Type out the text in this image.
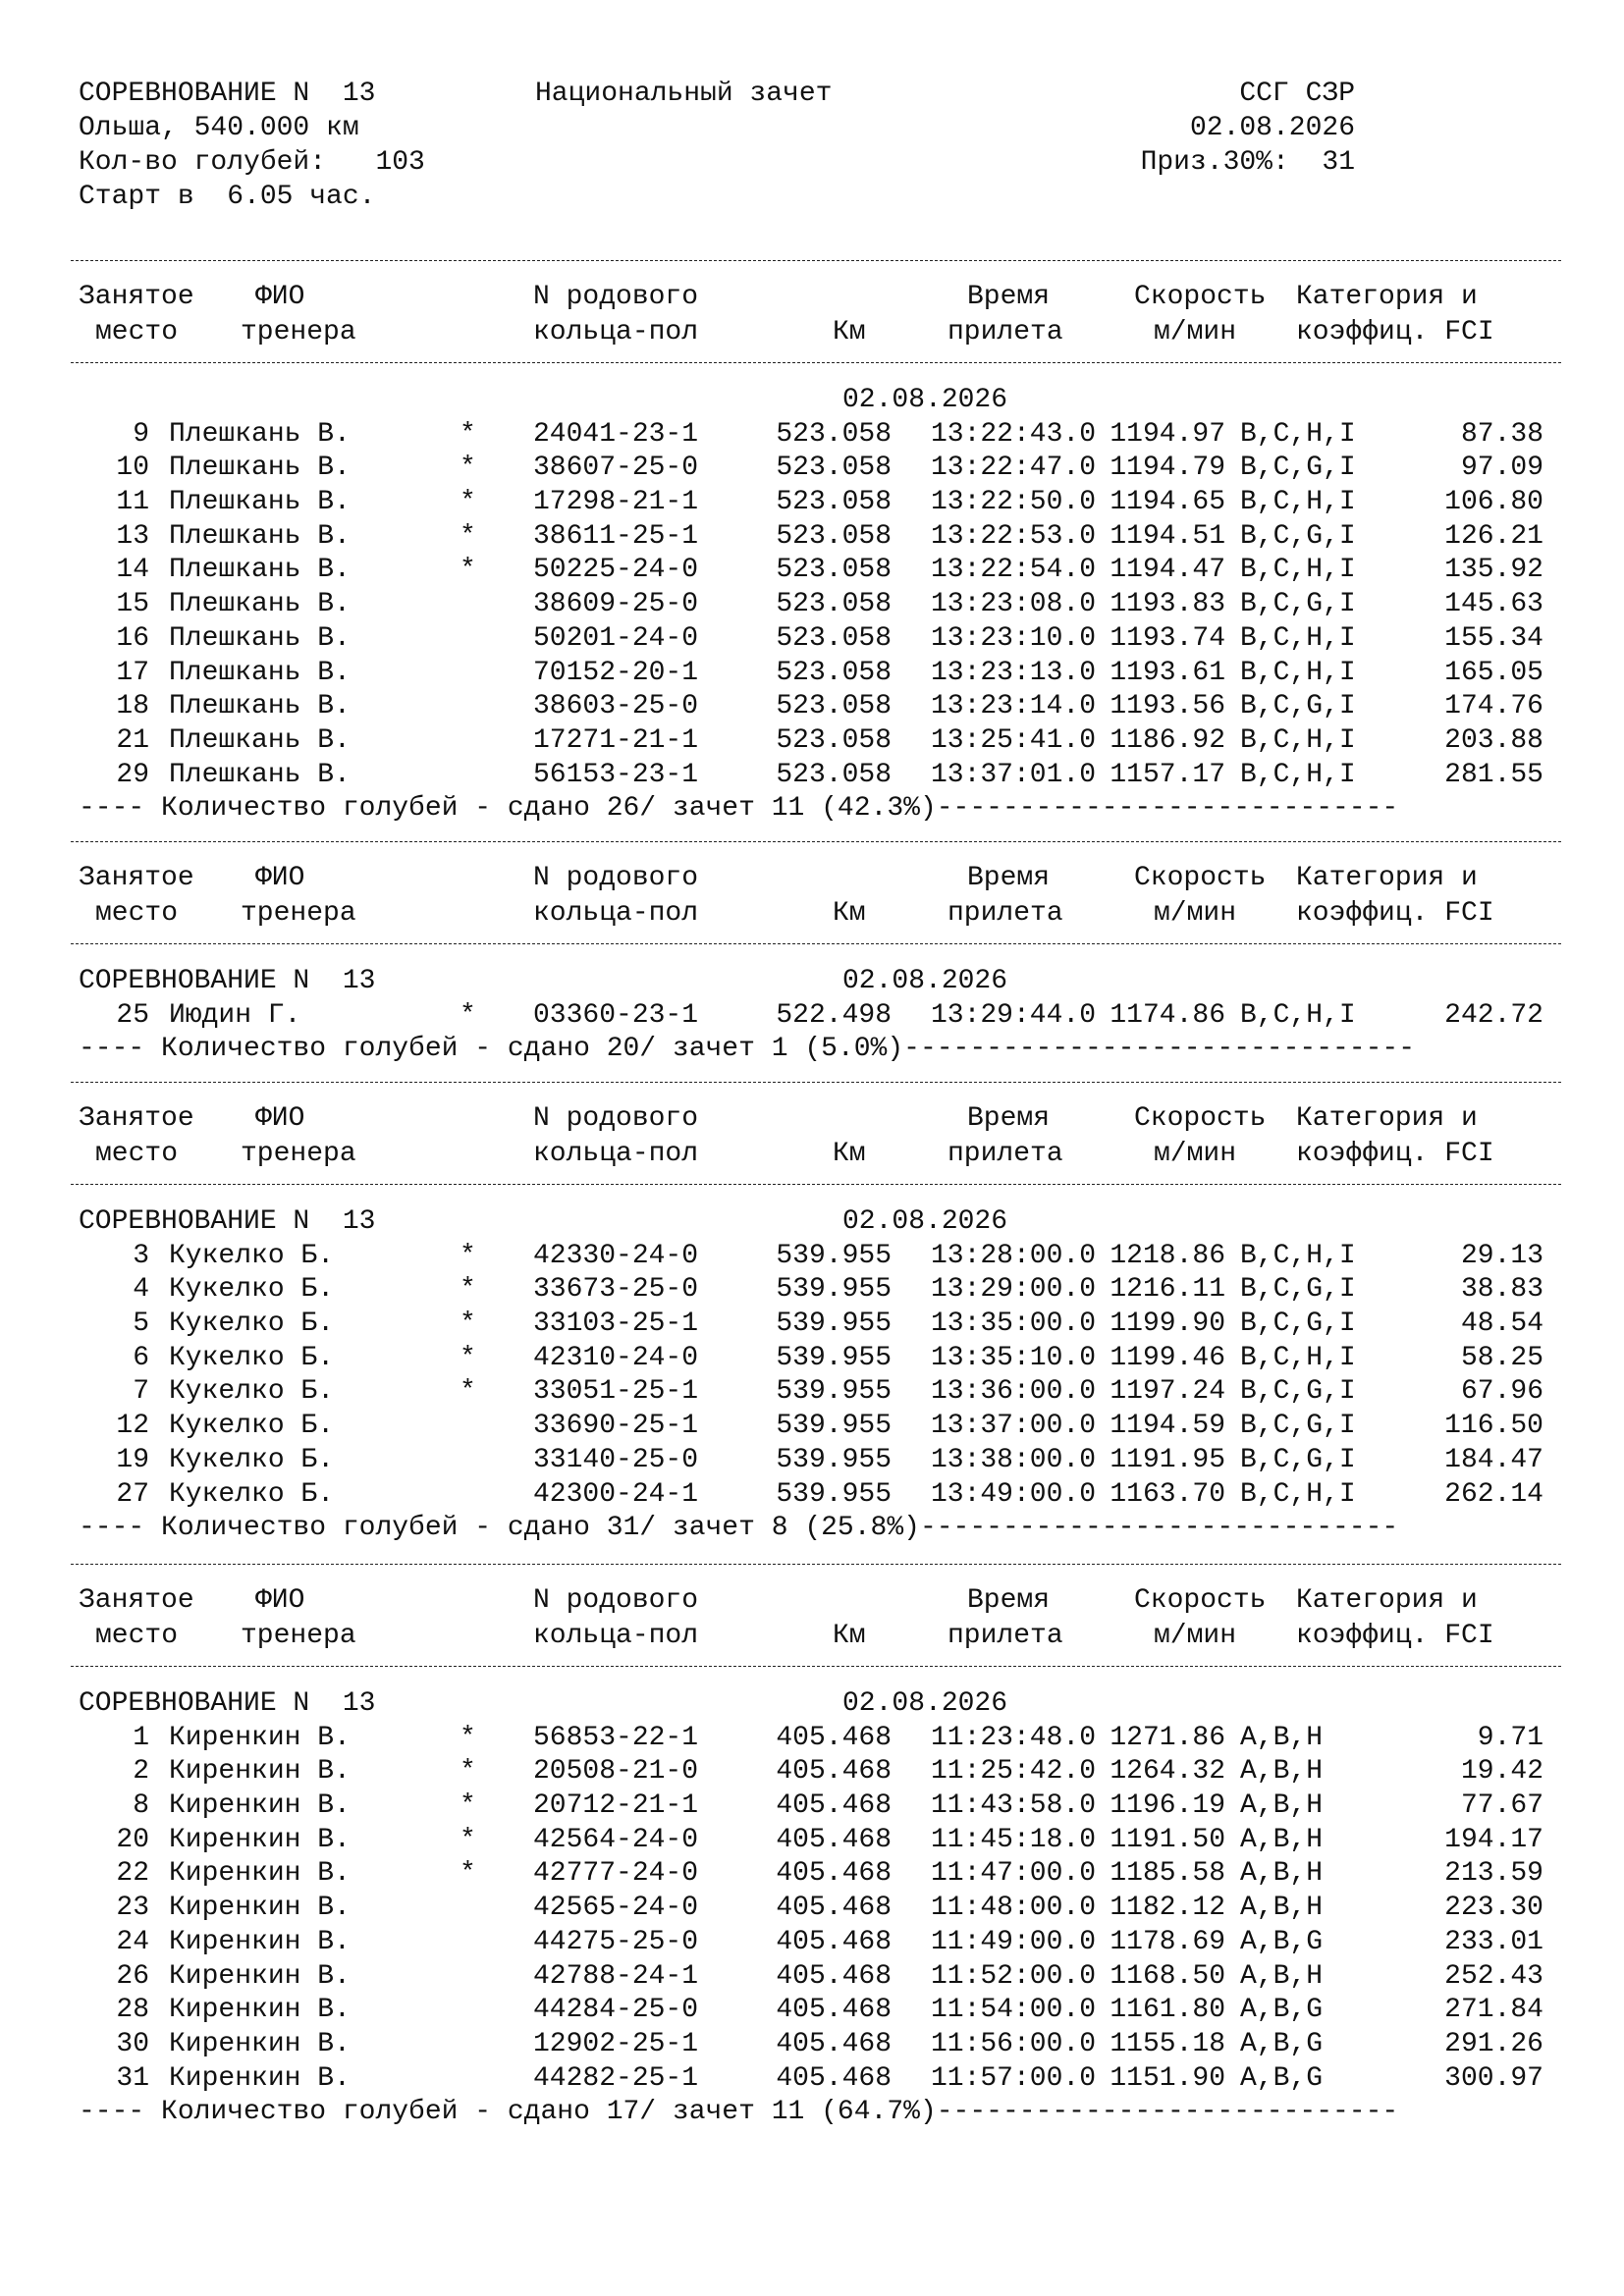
СОРЕВНОВАНИЕ N  13

	Национальный зачет

	ССГ СЗР

Ольша, 540.000 км

	02.08.2026

Кол-во голубей:   103

	Приз.30%:  31

Старт в  6.05 час.

Занятое ФИО	N родового	Время	Скорость Категория и
место тренера	кольца-пол	Км	прилета	м/мин коэффиц. FCI
02.08.2026
9 Плешкань В.	* 24041-23-1	523.058	13:22:43.0 1194.97 B,C,H,I	87.38
10 Плешкань В.	* 38607-25-0	523.058	13:22:47.0 1194.79 B,C,G,I	97.09
11 Плешкань В.	* 17298-21-1	523.058	13:22:50.0 1194.65 B,C,H,I	106.80
13 Плешкань В.	* 38611-25-1	523.058	13:22:53.0 1194.51 B,C,G,I	126.21
14 Плешкань В.	* 50225-24-0	523.058	13:22:54.0 1194.47 B,C,H,I	135.92
15 Плешкань В.	38609-25-0	523.058	13:23:08.0 1193.83 B,C,G,I	145.63
16 Плешкань В.	50201-24-0	523.058	13:23:10.0 1193.74 B,C,H,I	155.34
17 Плешкань В.	70152-20-1	523.058	13:23:13.0 1193.61 B,C,H,I	165.05
18 Плешкань В.	38603-25-0	523.058	13:23:14.0 1193.56 B,C,G,I	174.76
21 Плешкань В.	17271-21-1	523.058	13:25:41.0 1186.92 B,C,H,I	203.88
29 Плешкань В.	56153-23-1	523.058	13:37:01.0 1157.17 B,C,H,I	281.55
---- Количество голубей - сдано 26/ зачет 11 (42.3%)----------------------------
Занятое ФИО	N родового	Время	Скорость Категория и
место тренера	кольца-пол	Км	прилета	м/мин коэффиц. FCI
СОРЕВНОВАНИЕ N  13	02.08.2026
25 Июдин Г.	* 03360-23-1	522.498	13:29:44.0 1174.86 B,C,H,I	242.72
---- Количество голубей - сдано 20/ зачет 1 (5.0%)-------------------------------
Занятое ФИО	N родового	Время	Скорость Категория и
место тренера	кольца-пол	Км	прилета	м/мин коэффиц. FCI
СОРЕВНОВАНИЕ N  13	02.08.2026
3 Кукелко Б.	* 42330-24-0	539.955	13:28:00.0 1218.86 B,C,H,I	29.13
4 Кукелко Б.	* 33673-25-0	539.955	13:29:00.0 1216.11 B,C,G,I	38.83
5 Кукелко Б.	* 33103-25-1	539.955	13:35:00.0 1199.90 B,C,G,I	48.54
6 Кукелко Б.	* 42310-24-0	539.955	13:35:10.0 1199.46 B,C,H,I	58.25
7 Кукелко Б.	* 33051-25-1	539.955	13:36:00.0 1197.24 B,C,G,I	67.96
12 Кукелко Б.	33690-25-1	539.955	13:37:00.0 1194.59 B,C,G,I	116.50
19 Кукелко Б.	33140-25-0	539.955	13:38:00.0 1191.95 B,C,G,I	184.47
27 Кукелко Б.	42300-24-1	539.955	13:49:00.0 1163.70 B,C,H,I	262.14
---- Количество голубей - сдано 31/ зачет 8 (25.8%)-----------------------------
Занятое ФИО	N родового	Время	Скорость Категория и
место тренера	кольца-пол	Км	прилета	м/мин коэффиц. FCI
СОРЕВНОВАНИЕ N  13	02.08.2026
1 Киренкин В.	* 56853-22-1	405.468	11:23:48.0 1271.86 A,B,H	9.71
2 Киренкин В.	* 20508-21-0	405.468	11:25:42.0 1264.32 A,B,H	19.42
8 Киренкин В.	* 20712-21-1	405.468	11:43:58.0 1196.19 A,B,H	77.67
20 Киренкин В.	* 42564-24-0	405.468	11:45:18.0 1191.50 A,B,H	194.17
22 Киренкин В.	* 42777-24-0	405.468	11:47:00.0 1185.58 A,B,H	213.59
23 Киренкин В.	42565-24-0	405.468	11:48:00.0 1182.12 A,B,H	223.30
24 Киренкин В.	44275-25-0	405.468	11:49:00.0 1178.69 A,B,G	233.01
26 Киренкин В.	42788-24-1	405.468	11:52:00.0 1168.50 A,B,H	252.43
28 Киренкин В.	44284-25-0	405.468	11:54:00.0 1161.80 A,B,G	271.84
30 Киренкин В.	12902-25-1	405.468	11:56:00.0 1155.18 A,B,G	291.26
31 Киренкин В.	44282-25-1	405.468	11:57:00.0 1151.90 A,B,G	300.97
---- Количество голубей - сдано 17/ зачет 11 (64.7%)----------------------------
